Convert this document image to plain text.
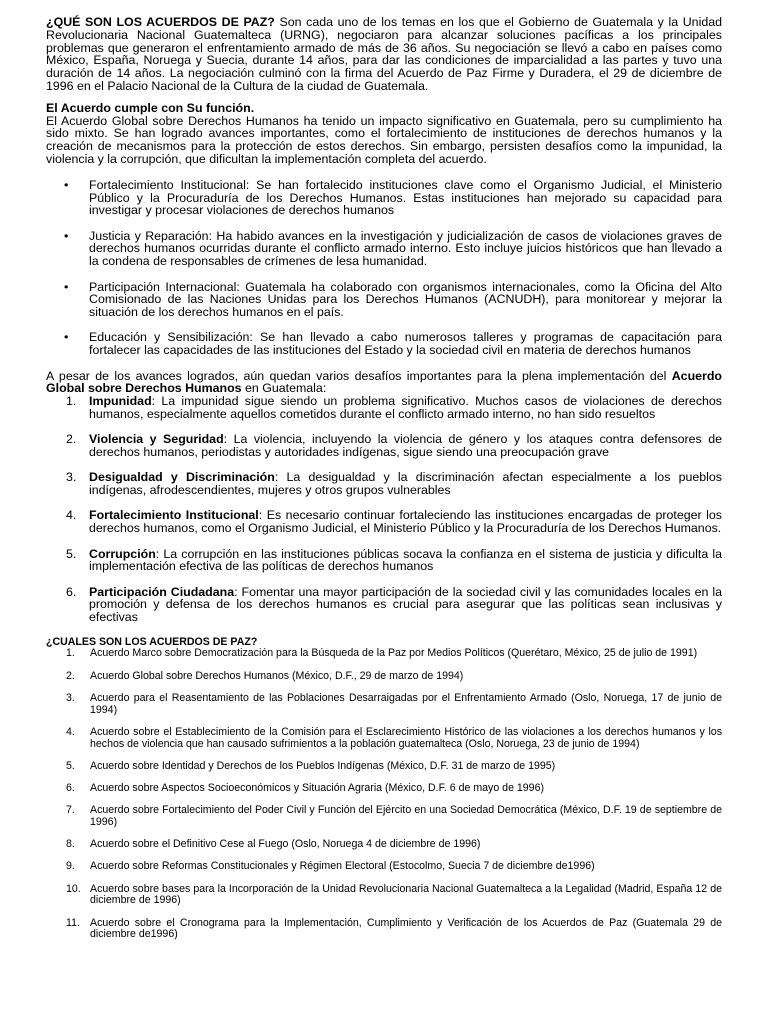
¿QUÉ SON LOS ACUERDOS DE PAZ? Son cada uno de los temas en los que el Gobierno de Guatemala y la Unidad Revolucionaria Nacional Guatemalteca (URNG), negociaron para alcanzar soluciones pacíficas a los principales problemas que generaron el enfrentamiento armado de más de 36 años. Su negociación se llevó a cabo en países como México, España, Noruega y Suecia, durante 14 años, para dar las condiciones de imparcialidad a las partes y tuvo una duración de 14 años. La negociación culminó con la firma del Acuerdo de Paz Firme y Duradera, el 29 de diciembre de 1996 en el Palacio Nacional de la Cultura de la ciudad de Guatemala.

El Acuerdo cumple con Su función.

El Acuerdo Global sobre Derechos Humanos ha tenido un impacto significativo en Guatemala, pero su cumplimiento ha sido mixto. Se han logrado avances importantes, como el fortalecimiento de instituciones de derechos humanos y la creación de mecanismos para la protección de estos derechos. Sin embargo, persisten desafíos como la impunidad, la violencia y la corrupción, que dificultan la implementación completa del acuerdo.

• Fortalecimiento Institucional: Se han fortalecido instituciones clave como el Organismo Judicial, el Ministerio Público y la Procuraduría de los Derechos Humanos. Estas instituciones han mejorado su capacidad para investigar y procesar violaciones de derechos humanos
• Justicia y Reparación: Ha habido avances en la investigación y judicialización de casos de violaciones graves de derechos humanos ocurridas durante el conflicto armado interno. Esto incluye juicios históricos que han llevado a la condena de responsables de crímenes de lesa humanidad.
• Participación Internacional: Guatemala ha colaborado con organismos internacionales, como la Oficina del Alto Comisionado de las Naciones Unidas para los Derechos Humanos (ACNUDH), para monitorear y mejorar la situación de los derechos humanos en el país.
• Educación y Sensibilización: Se han llevado a cabo numerosos talleres y programas de capacitación para fortalecer las capacidades de las instituciones del Estado y la sociedad civil en materia de derechos humanos

A pesar de los avances logrados, aún quedan varios desafíos importantes para la plena implementación del Acuerdo Global sobre Derechos Humanos en Guatemala:

1. Impunidad: La impunidad sigue siendo un problema significativo. Muchos casos de violaciones de derechos humanos, especialmente aquellos cometidos durante el conflicto armado interno, no han sido resueltos
2. Violencia y Seguridad: La violencia, incluyendo la violencia de género y los ataques contra defensores de derechos humanos, periodistas y autoridades indígenas, sigue siendo una preocupación grave
3. Desigualdad y Discriminación: La desigualdad y la discriminación afectan especialmente a los pueblos indígenas, afrodescendientes, mujeres y otros grupos vulnerables
4. Fortalecimiento Institucional: Es necesario continuar fortaleciendo las instituciones encargadas de proteger los derechos humanos, como el Organismo Judicial, el Ministerio Público y la Procuraduría de los Derechos Humanos.
5. Corrupción: La corrupción en las instituciones públicas socava la confianza en el sistema de justicia y dificulta la implementación efectiva de las políticas de derechos humanos
6. Participación Ciudadana: Fomentar una mayor participación de la sociedad civil y las comunidades locales en la promoción y defensa de los derechos humanos es crucial para asegurar que las políticas sean inclusivas y efectivas
¿CUALES SON LOS ACUERDOS DE PAZ?
1. Acuerdo Marco sobre Democratización para la Búsqueda de la Paz por Medios Políticos (Querétaro, México, 25 de julio de 1991)
2. Acuerdo Global sobre Derechos Humanos (México, D.F., 29 de marzo de 1994)
3. Acuerdo para el Reasentamiento de las Poblaciones Desarraigadas por el Enfrentamiento Armado (Oslo, Noruega, 17 de junio de 1994)
4. Acuerdo sobre el Establecimiento de la Comisión para el Esclarecimiento Histórico de las violaciones a los derechos humanos y los hechos de violencia que han causado sufrimientos a la población guatemalteca (Oslo, Noruega, 23 de junio de 1994)
5. Acuerdo sobre Identidad y Derechos de los Pueblos Indígenas (México, D.F. 31 de marzo de 1995)
6. Acuerdo sobre Aspectos Socioeconómicos y Situación Agraria (México, D.F. 6 de mayo de 1996)
7. Acuerdo sobre Fortalecimiento del Poder Civil y Función del Ejército en una Sociedad Democrática (México, D.F. 19 de septiembre de 1996)
8. Acuerdo sobre el Definitivo Cese al Fuego (Oslo, Noruega 4 de diciembre de 1996)
9. Acuerdo sobre Reformas Constitucionales y Régimen Electoral (Estocolmo, Suecia 7 de diciembre de1996)
10. Acuerdo sobre bases para la Incorporación de la Unidad Revolucionaria Nacional Guatemalteca a la Legalidad (Madrid, España 12 de diciembre de 1996)
11. Acuerdo sobre el Cronograma para la Implementación, Cumplimiento y Verificación de los Acuerdos de Paz (Guatemala 29 de diciembre de1996)
